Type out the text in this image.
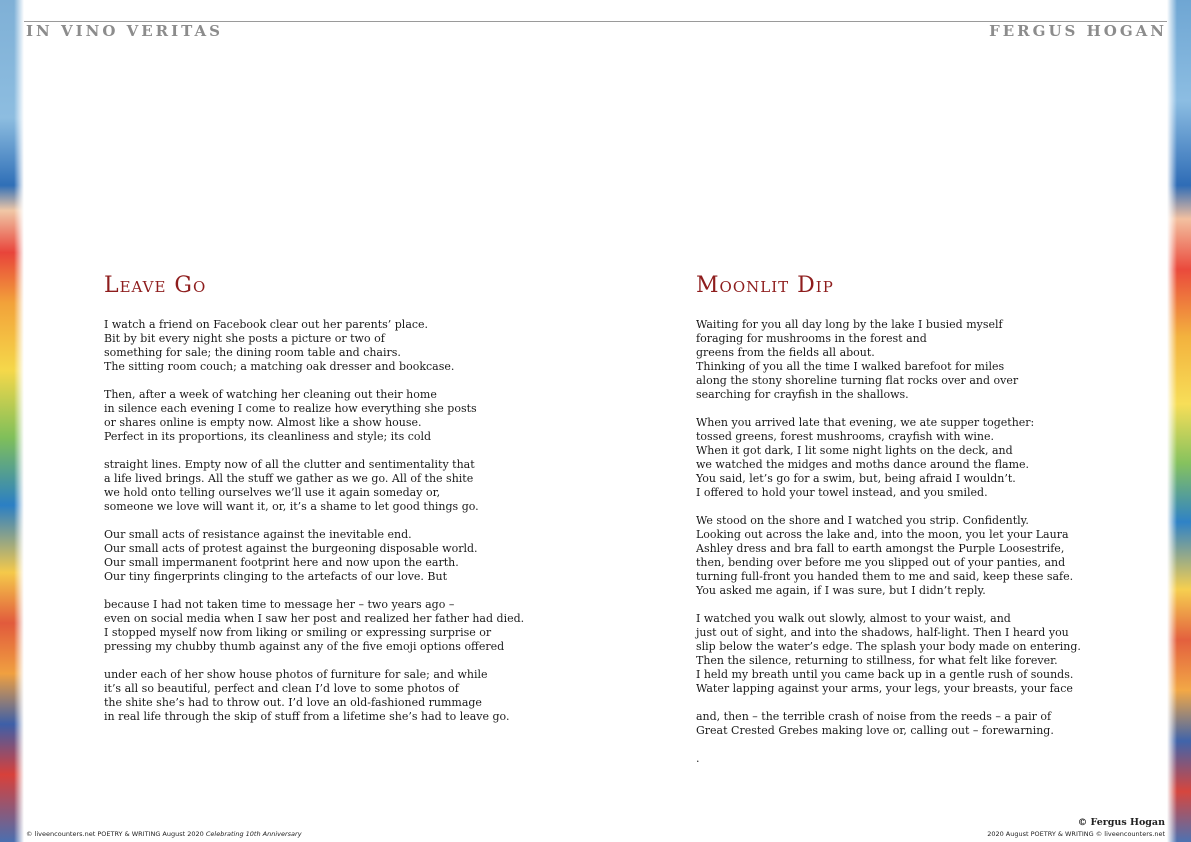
IN VINO VERITAS	FERGUS HOGAN
Leave Go

I watch a friend on Facebook clear out her parents’ place.
Bit by bit every night she posts a picture or two of
something for sale; the dining room table and chairs.
The sitting room couch; a matching oak dresser and bookcase.

Then, after a week of watching her cleaning out their home
in silence each evening I come to realize how everything she posts
or shares online is empty now. Almost like a show house.
Perfect in its proportions, its cleanliness and style; its cold

straight lines. Empty now of all the clutter and sentimentality that
a life lived brings. All the stuff we gather as we go. All of the shite
we hold onto telling ourselves we’ll use it again someday or,
someone we love will want it, or, it’s a shame to let good things go.

Our small acts of resistance against the inevitable end.
Our small acts of protest against the burgeoning disposable world.
Our small impermanent footprint here and now upon the earth.
Our tiny fingerprints clinging to the artefacts of our love. But

because I had not taken time to message her – two years ago –
even on social media when I saw her post and realized her father had died.
I stopped myself now from liking or smiling or expressing surprise or
pressing my chubby thumb against any of the five emoji options offered

under each of her show house photos of furniture for sale; and while
it’s all so beautiful, perfect and clean I’d love to some photos of
the shite she’s had to throw out. I’d love an old-fashioned rummage
in real life through the skip of stuff from a lifetime she’s had to leave go.

Moonlit Dip

Waiting for you all day long by the lake I busied myself
foraging for mushrooms in the forest and
greens from the fields all about.
Thinking of you all the time I walked barefoot for miles
along the stony shoreline turning flat rocks over and over
searching for crayfish in the shallows.

When you arrived late that evening, we ate supper together:
tossed greens, forest mushrooms, crayfish with wine.
When it got dark, I lit some night lights on the deck, and
we watched the midges and moths dance around the flame.
You said, let’s go for a swim, but, being afraid I wouldn’t.
I offered to hold your towel instead, and you smiled.

We stood on the shore and I watched you strip. Confidently.
Looking out across the lake and, into the moon, you let your Laura
Ashley dress and bra fall to earth amongst the Purple Loosestrife,
then, bending over before me you slipped out of your panties, and
turning full-front you handed them to me and said, keep these safe.
You asked me again, if I was sure, but I didn’t reply.

I watched you walk out slowly, almost to your waist, and
just out of sight, and into the shadows, half-light. Then I heard you
slip below the water’s edge. The splash your body made on entering.
Then the silence, returning to stillness, for what felt like forever.
I held my breath until you came back up in a gentle rush of sounds.
Water lapping against your arms, your legs, your breasts, your face

and, then – the terrible crash of noise from the reeds – a pair of
Great Crested Grebes making love or, calling out – forewarning.

.

© liveencounters.net POETRY & WRITING August 2020 Celebrating 10th Anniversary
© Fergus Hogan
2020 August POETRY & WRITING © liveencounters.net
